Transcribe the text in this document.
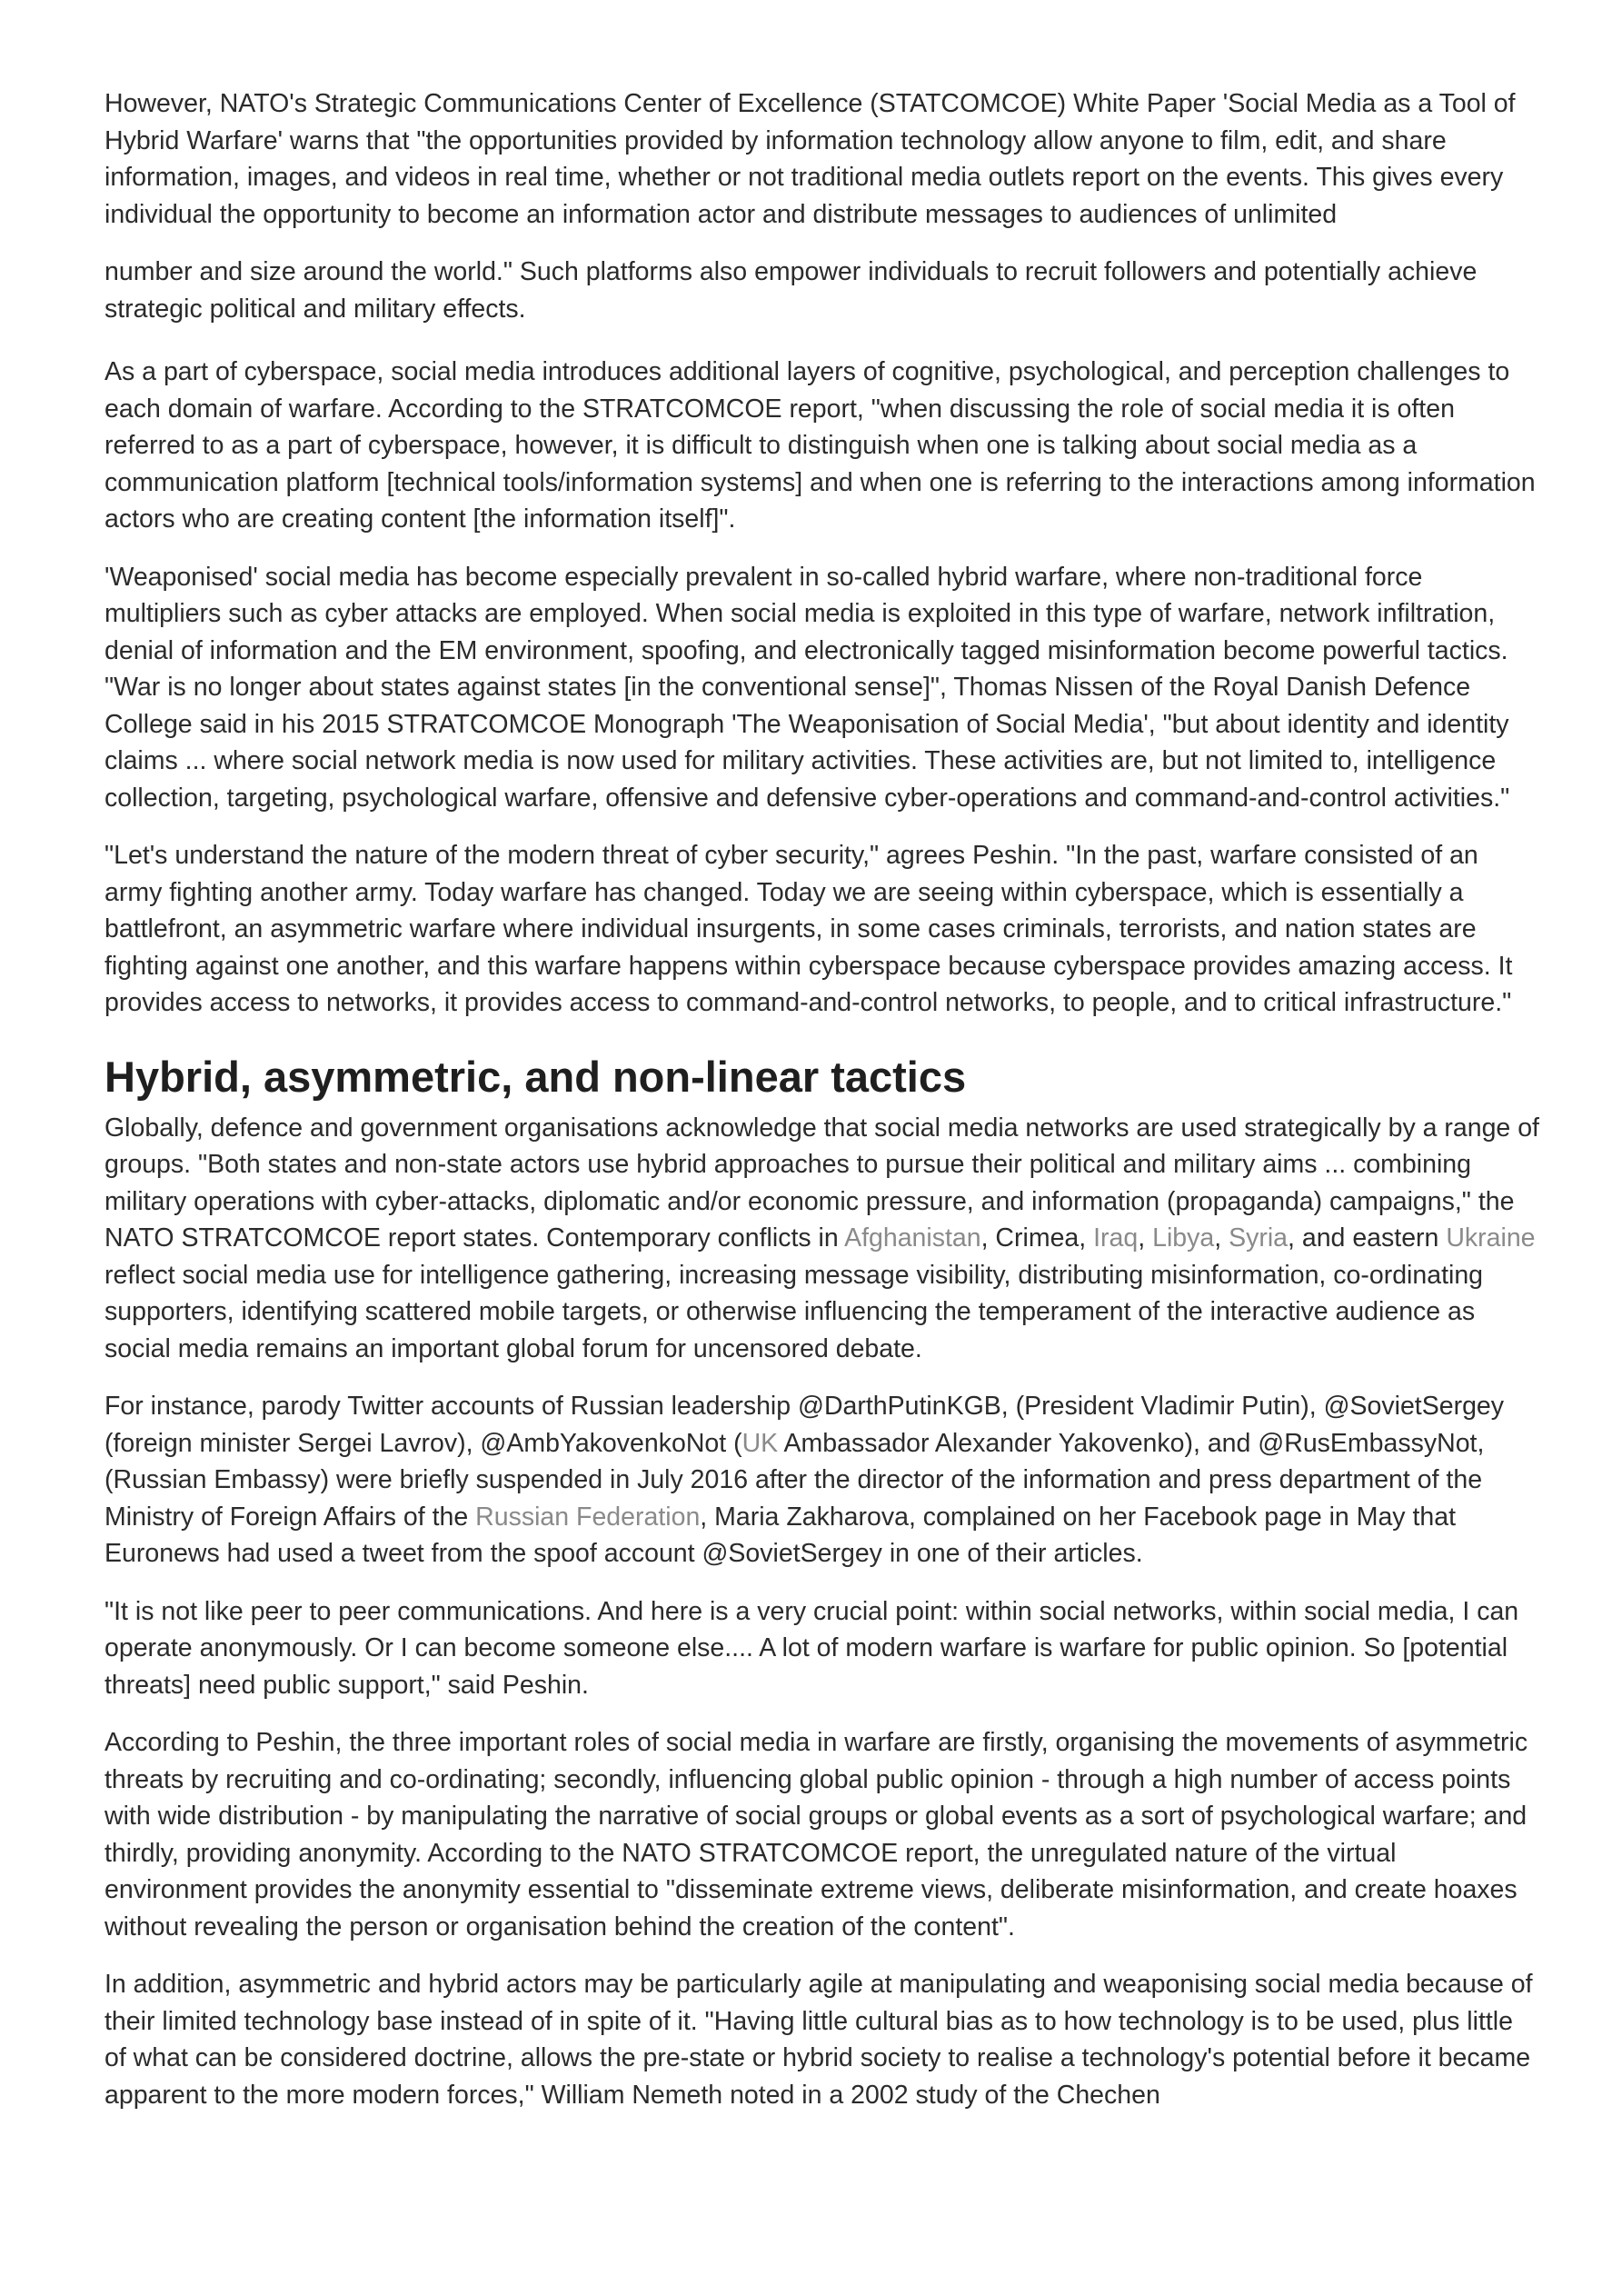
However, NATO's Strategic Communications Center of Excellence (STATCOMCOE) White Paper 'Social Media as a Tool of Hybrid Warfare' warns that "the opportunities provided by information technology allow anyone to film, edit, and share information, images, and videos in real time, whether or not traditional media outlets report on the events. This gives every individual the opportunity to become an information actor and distribute messages to audiences of unlimited

number and size around the world." Such platforms also empower individuals to recruit followers and potentially achieve strategic political and military effects.

As a part of cyberspace, social media introduces additional layers of cognitive, psychological, and perception challenges to each domain of warfare. According to the STRATCOMCOE report, "when discussing the role of social media it is often referred to as a part of cyberspace, however, it is difficult to distinguish when one is talking about social media as a communication platform [technical tools/information systems] and when one is referring to the interactions among information actors who are creating content [the information itself]".

'Weaponised' social media has become especially prevalent in so-called hybrid warfare, where non-traditional force multipliers such as cyber attacks are employed. When social media is exploited in this type of warfare, network infiltration, denial of information and the EM environment, spoofing, and electronically tagged misinformation become powerful tactics. "War is no longer about states against states [in the conventional sense]", Thomas Nissen of the Royal Danish Defence College said in his 2015 STRATCOMCOE Monograph 'The Weaponisation of Social Media', "but about identity and identity claims ... where social network media is now used for military activities. These activities are, but not limited to, intelligence collection, targeting, psychological warfare, offensive and defensive cyber-operations and command-and-control activities."

"Let's understand the nature of the modern threat of cyber security," agrees Peshin. "In the past, warfare consisted of an army fighting another army. Today warfare has changed. Today we are seeing within cyberspace, which is essentially a battlefront, an asymmetric warfare where individual insurgents, in some cases criminals, terrorists, and nation states are fighting against one another, and this warfare happens within cyberspace because cyberspace provides amazing access. It provides access to networks, it provides access to command-and-control networks, to people, and to critical infrastructure."

Hybrid, asymmetric, and non-linear tactics

Globally, defence and government organisations acknowledge that social media networks are used strategically by a range of groups. "Both states and non-state actors use hybrid approaches to pursue their political and military aims ... combining military operations with cyber-attacks, diplomatic and/or economic pressure, and information (propaganda) campaigns," the NATO STRATCOMCOE report states. Contemporary conflicts in Afghanistan, Crimea, Iraq, Libya, Syria, and eastern Ukraine reflect social media use for intelligence gathering, increasing message visibility, distributing misinformation, co-ordinating supporters, identifying scattered mobile targets, or otherwise influencing the temperament of the interactive audience as social media remains an important global forum for uncensored debate.

For instance, parody Twitter accounts of Russian leadership @DarthPutinKGB, (President Vladimir Putin), @SovietSergey (foreign minister Sergei Lavrov), @AmbYakovenkoNot (UK Ambassador Alexander Yakovenko), and @RusEmbassyNot, (Russian Embassy) were briefly suspended in July 2016 after the director of the information and press department of the Ministry of Foreign Affairs of the Russian Federation, Maria Zakharova, complained on her Facebook page in May that Euronews had used a tweet from the spoof account @SovietSergey in one of their articles.

"It is not like peer to peer communications. And here is a very crucial point: within social networks, within social media, I can operate anonymously. Or I can become someone else.... A lot of modern warfare is warfare for public opinion. So [potential threats] need public support," said Peshin.

According to Peshin, the three important roles of social media in warfare are firstly, organising the movements of asymmetric threats by recruiting and co-ordinating; secondly, influencing global public opinion - through a high number of access points with wide distribution - by manipulating the narrative of social groups or global events as a sort of psychological warfare; and thirdly, providing anonymity. According to the NATO STRATCOMCOE report, the unregulated nature of the virtual environment provides the anonymity essential to "disseminate extreme views, deliberate misinformation, and create hoaxes without revealing the person or organisation behind the creation of the content".

In addition, asymmetric and hybrid actors may be particularly agile at manipulating and weaponising social media because of their limited technology base instead of in spite of it. "Having little cultural bias as to how technology is to be used, plus little of what can be considered doctrine, allows the pre-state or hybrid society to realise a technology's potential before it became apparent to the more modern forces," William Nemeth noted in a 2002 study of the Chechen
